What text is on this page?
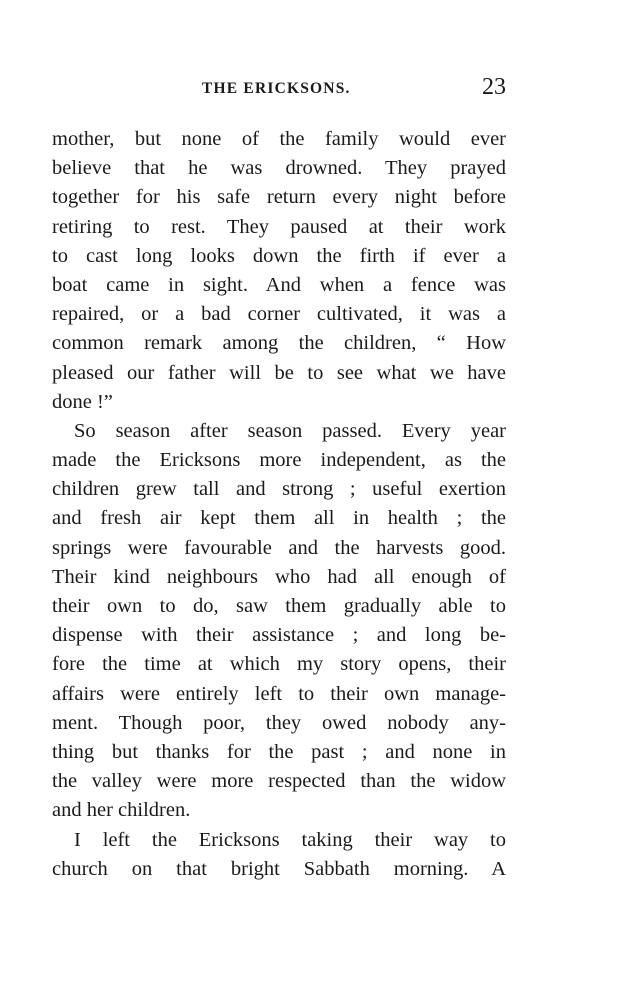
THE ERICKSONS.	23
mother, but none of the family would ever
believe that he was drowned. They prayed
together for his safe return every night before
retiring to rest. They paused at their work
to cast long looks down the firth if ever a
boat came in sight. And when a fence was
repaired, or a bad corner cultivated, it was a
common remark among the children, “ How
pleased our father will be to see what we have
done !”
So season after season passed. Every year
made the Ericksons more independent, as the
children grew tall and strong ; useful exertion
and fresh air kept them all in health ; the
springs were favourable and the harvests good.
Their kind neighbours who had all enough of
their own to do, saw them gradually able to
dispense with their assistance ; and long be-
fore the time at which my story opens, their
affairs were entirely left to their own manage-
ment. Though poor, they owed nobody any-
thing but thanks for the past ; and none in
the valley were more respected than the widow
and her children.
I left the Ericksons taking their way to
church on that bright Sabbath morning. A
